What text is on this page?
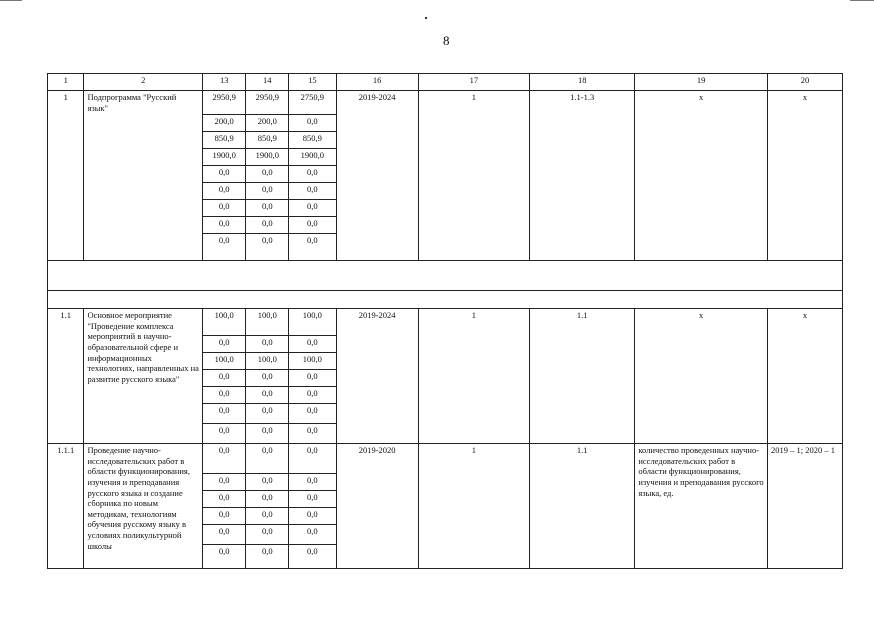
8
1	2	13	14	15	16	17	18	19	20
1	Подпрограмма "Русский язык"	2950,9	2950,9	2750,9	2019-2024	1	1.1-1.3	х	х
		200,0	200,0	0,0					
		850,9	850,9	850,9					
		1900,0	1900,0	1900,0					
		0,0	0,0	0,0					
		0,0	0,0	0,0					
		0,0	0,0	0,0					
		0,0	0,0	0,0					
		0,0	0,0	0,0					

1.1	Основное мероприятие "Проведение комплекса мероприятий в научно-образовательной сфере и информационных технологиях, направленных на развитие русского языка"	100,0	100,0	100,0	2019-2024	1	1.1	х	х
		0,0	0,0	0,0					
		100,0	100,0	100,0					
		0,0	0,0	0,0					
		0,0	0,0	0,0					
		0,0	0,0	0,0					
		0,0	0,0	0,0					
1.1.1	Проведение научно-исследовательских работ в области функционирования, изучения и преподавания русского языка и создание сборника по новым методикам, технологиям обучения русскому языку в условиях поликультурной школы	0,0	0,0	0,0	2019-2020	1	1.1	количество проведенных научно-исследовательских работ в области функционирования, изучения и преподавания русского языка, ед.	2019 – 1; 2020 – 1
		0,0	0,0	0,0					
		0,0	0,0	0,0					
		0,0	0,0	0,0					
		0,0	0,0	0,0					
		0,0	0,0	0,0					
